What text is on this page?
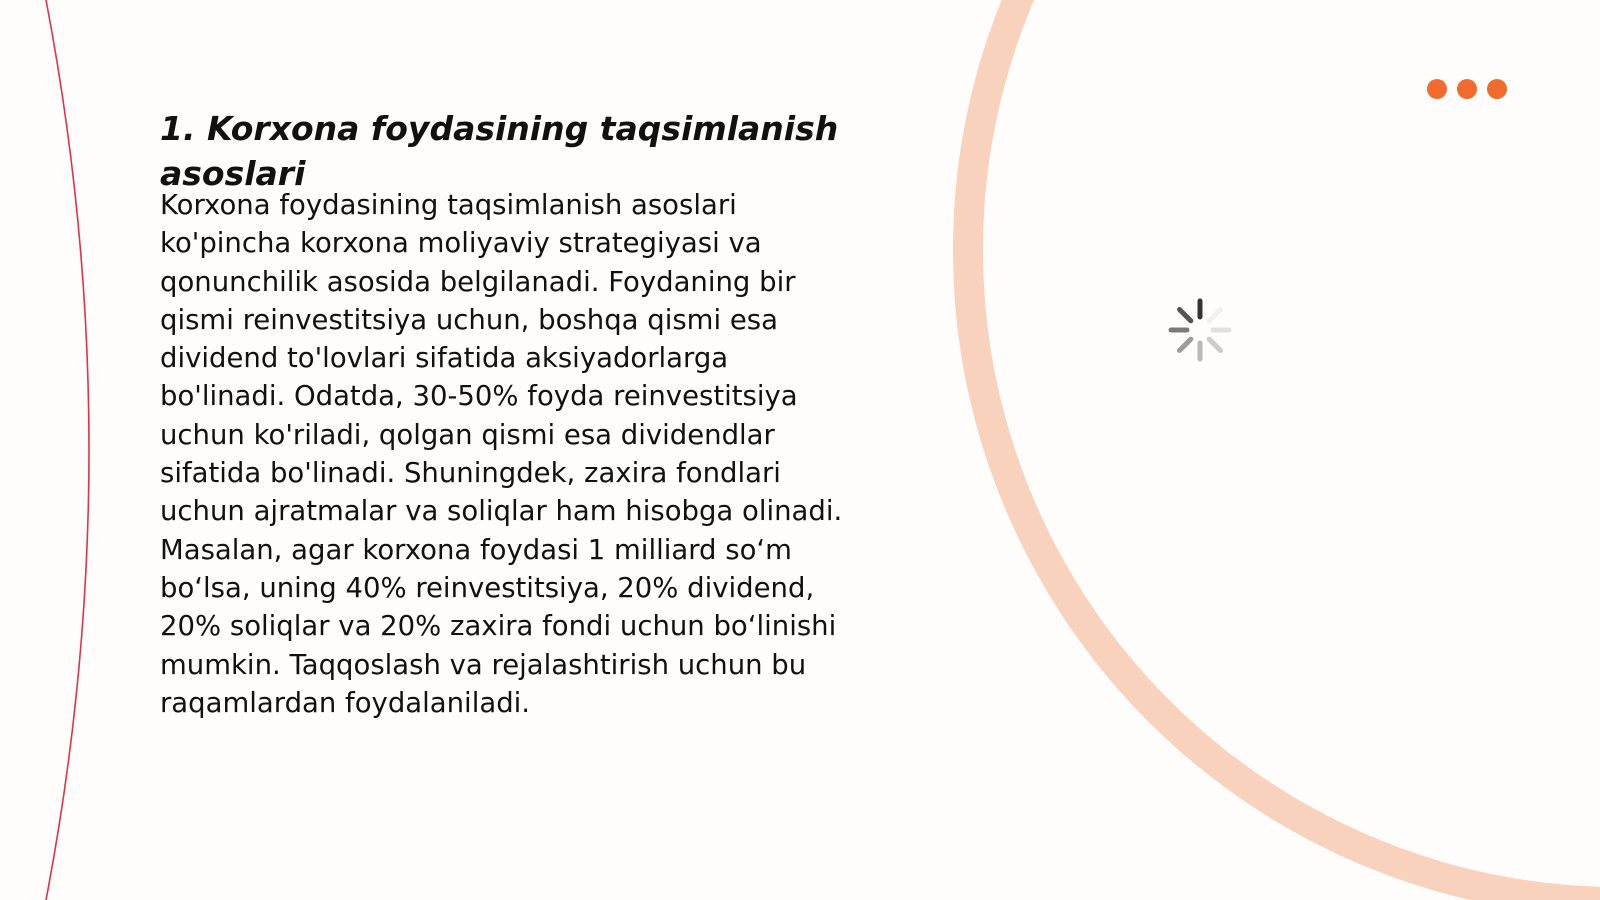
1. Korxona foydasining taqsimlanish asoslari

Korxona foydasining taqsimlanish asoslari ko'pincha korxona moliyaviy strategiyasi va qonunchilik asosida belgilanadi. Foydaning bir qismi reinvestitsiya uchun, boshqa qismi esa dividend to'lovlari sifatida aksiyadorlarga bo'linadi. Odatda, 30-50% foyda reinvestitsiya uchun ko'riladi, qolgan qismi esa dividendlar sifatida bo'linadi. Shuningdek, zaxira fondlari uchun ajratmalar va soliqlar ham hisobga olinadi. Masalan, agar korxona foydasi 1 milliard so‘m bo‘lsa, uning 40% reinvestitsiya, 20% dividend, 20% soliqlar va 20% zaxira fondi uchun bo‘linishi mumkin. Taqqoslash va rejalashtirish uchun bu raqamlardan foydalaniladi.
